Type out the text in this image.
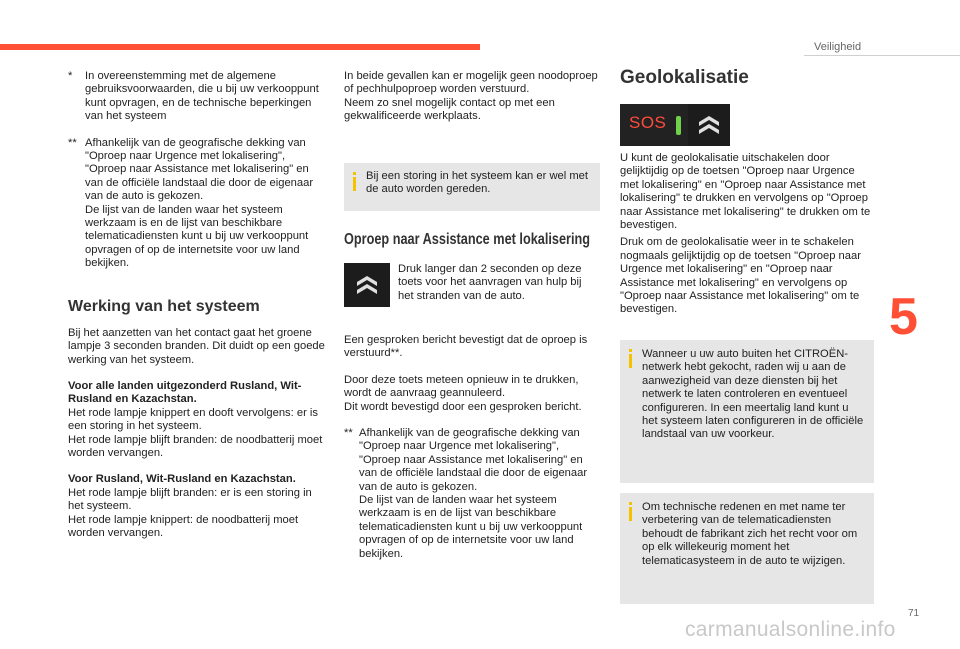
Veiligheid
*	In overeenstemming met de algemene gebruiksvoorwaarden, die u bij uw verkooppunt kunt opvragen, en de technische beperkingen van het systeem
** Afhankelijk van de geografische dekking van "Oproep naar Urgence met lokalisering", "Oproep naar Assistance met lokalisering" en van de officiële landstaal die door de eigenaar van de auto is gekozen.

De lijst van de landen waar het systeem werkzaam is en de lijst van beschikbare telematicadiensten kunt u bij uw verkooppunt opvragen of op de internetsite voor uw land bekijken.

Werking van het systeem

Bij het aanzetten van het contact gaat het groene lampje 3 seconden branden. Dit duidt op een goede werking van het systeem.

Voor alle landen uitgezonderd Rusland, Wit-Rusland en Kazachstan.

Het rode lampje knippert en dooft vervolgens: er is een storing in het systeem.

Het rode lampje blijft branden: de noodbatterij moet worden vervangen.

Voor Rusland, Wit-Rusland en Kazachstan.

Het rode lampje blijft branden: er is een storing in het systeem.

Het rode lampje knippert: de noodbatterij moet worden vervangen.

In beide gevallen kan er mogelijk geen noodoproep of pechhulpoproep worden verstuurd.

Neem zo snel mogelijk contact op met een gekwalificeerde werkplaats.

Bij een storing in het systeem kan er wel met de auto worden gereden.

Oproep naar Assistance met lokalisering

Druk langer dan 2 seconden op deze toets voor het aanvragen van hulp bij het stranden van de auto.

Een gesproken bericht bevestigt dat de oproep is verstuurd**.

Door deze toets meteen opnieuw in te drukken, wordt de aanvraag geannuleerd.

Dit wordt bevestigd door een gesproken bericht.

** Afhankelijk van de geografische dekking van "Oproep naar Urgence met lokalisering", "Oproep naar Assistance met lokalisering" en van de officiële landstaal die door de eigenaar van de auto is gekozen.

De lijst van de landen waar het systeem werkzaam is en de lijst van beschikbare telematicadiensten kunt u bij uw verkooppunt opvragen of op de internetsite voor uw land bekijken.

Geolokalisatie
SOS

U kunt de geolokalisatie uitschakelen door gelijktijdig op de toetsen "Oproep naar Urgence met lokalisering" en "Oproep naar Assistance met lokalisering" te drukken en vervolgens op "Oproep naar Assistance met lokalisering" te drukken om te bevestigen.

Druk om de geolokalisatie weer in te schakelen nogmaals gelijktijdig op de toetsen "Oproep naar Urgence met lokalisering" en "Oproep naar Assistance met lokalisering" en vervolgens op "Oproep naar Assistance met lokalisering" om te bevestigen.

Wanneer u uw auto buiten het CITROËN-netwerk hebt gekocht, raden wij u aan de aanwezigheid van deze diensten bij het netwerk te laten controleren en eventueel configureren. In een meertalig land kunt u het systeem laten configureren in de officiële landstaal van uw voorkeur.

Om technische redenen en met name ter verbetering van de telematicadiensten behoudt de fabrikant zich het recht voor om op elk willekeurig moment het telematicasysteem in de auto te wijzigen.

5
71
carmanualsonline.info
